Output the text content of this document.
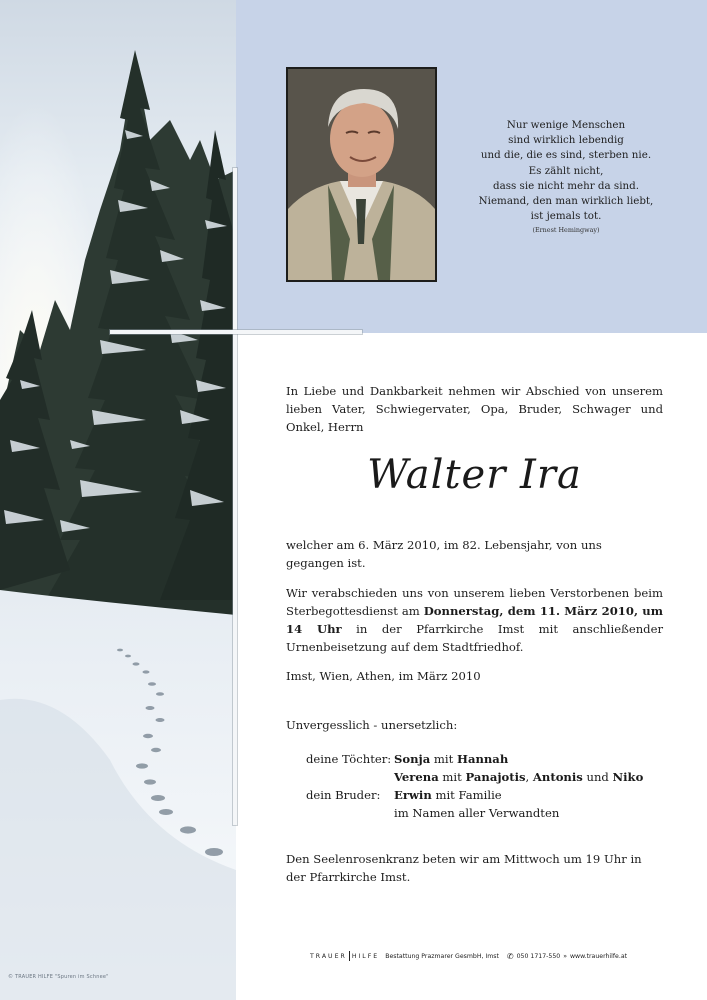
© TRAUER HILFE "Spuren im Schnee"
Nur wenige Menschen
sind wirklich lebendig
und die, die es sind, sterben nie.
Es zählt nicht,
dass sie nicht mehr da sind.
Niemand, den man wirklich liebt,
ist jemals tot.
(Ernest Hemingway)
In Liebe und Dankbarkeit nehmen wir Abschied von unserem lieben Vater, Schwiegervater, Opa, Bruder, Schwager und Onkel, Herrn
Walter Ira
welcher am 6. März 2010, im 82. Lebensjahr, von uns gegangen ist.
Wir verabschieden uns von unserem lieben Verstorbenen beim Sterbegottesdienst am Donnerstag, dem 11. März 2010, um 14 Uhr in der Pfarrkirche Imst mit anschließender Urnenbeisetzung auf dem Stadtfriedhof.
Imst, Wien, Athen, im März 2010
Unvergesslich - unersetzlich:
deine Töchter: Sonja mit Hannah
Verena mit Panajotis, Antonis und Niko
dein Bruder:	Erwin mit Familie
im Namen aller Verwandten
Den Seelenrosenkranz beten wir am Mittwoch um 19 Uhr in der Pfarrkirche Imst.
TRAUER HILFE Bestattung Prazmarer GesmbH, Imst ✆ 050 1717-550 » www.trauerhilfe.at
